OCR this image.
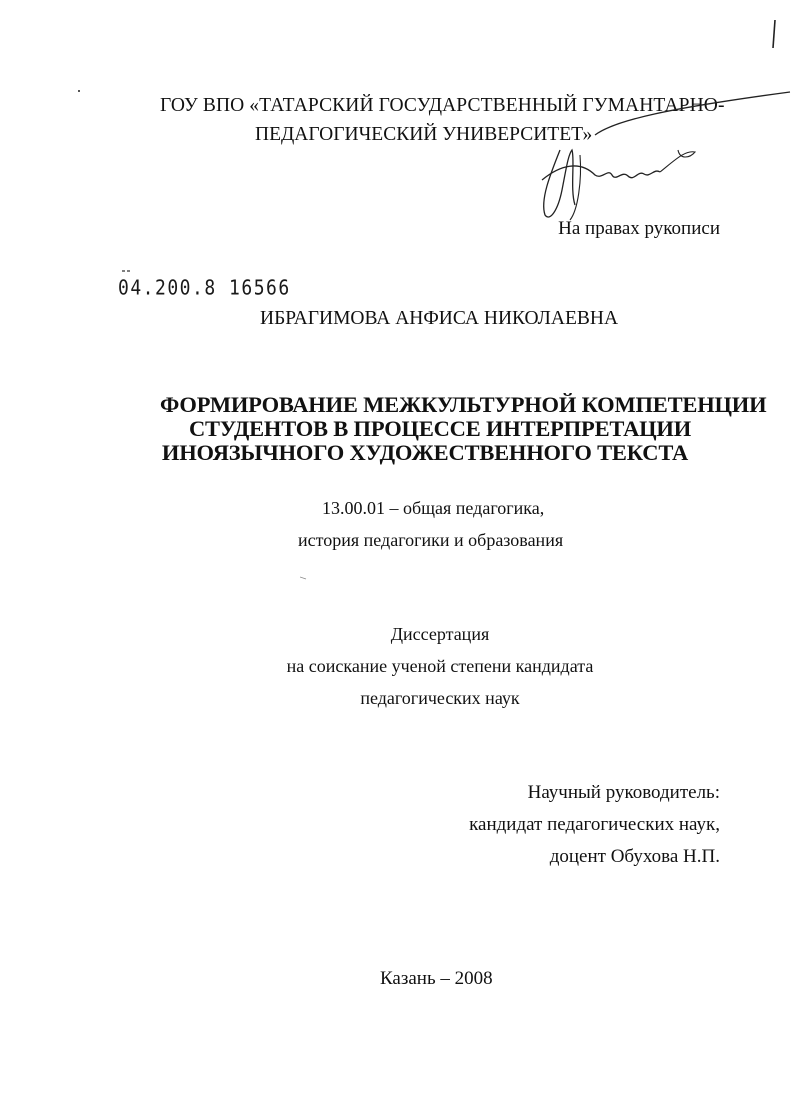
ГОУ ВПО «ТАТАРСКИЙ ГОСУДАРСТВЕННЫЙ ГУМАНТАРНО-
ПЕДАГОГИЧЕСКИЙ УНИВЕРСИТЕТ»
На правах рукописи
04.200.8 16566
ИБРАГИМОВА АНФИСА НИКОЛАЕВНА
ФОРМИРОВАНИЕ МЕЖКУЛЬТУРНОЙ КОМПЕТЕНЦИИ
СТУДЕНТОВ В ПРОЦЕССЕ ИНТЕРПРЕТАЦИИ
ИНОЯЗЫЧНОГО ХУДОЖЕСТВЕННОГО ТЕКСТА
13.00.01 – общая педагогика,
история педагогики и образования
Диссертация
на соискание ученой степени кандидата
педагогических наук
Научный руководитель:
кандидат педагогических наук,
доцент Обухова Н.П.
Казань – 2008
